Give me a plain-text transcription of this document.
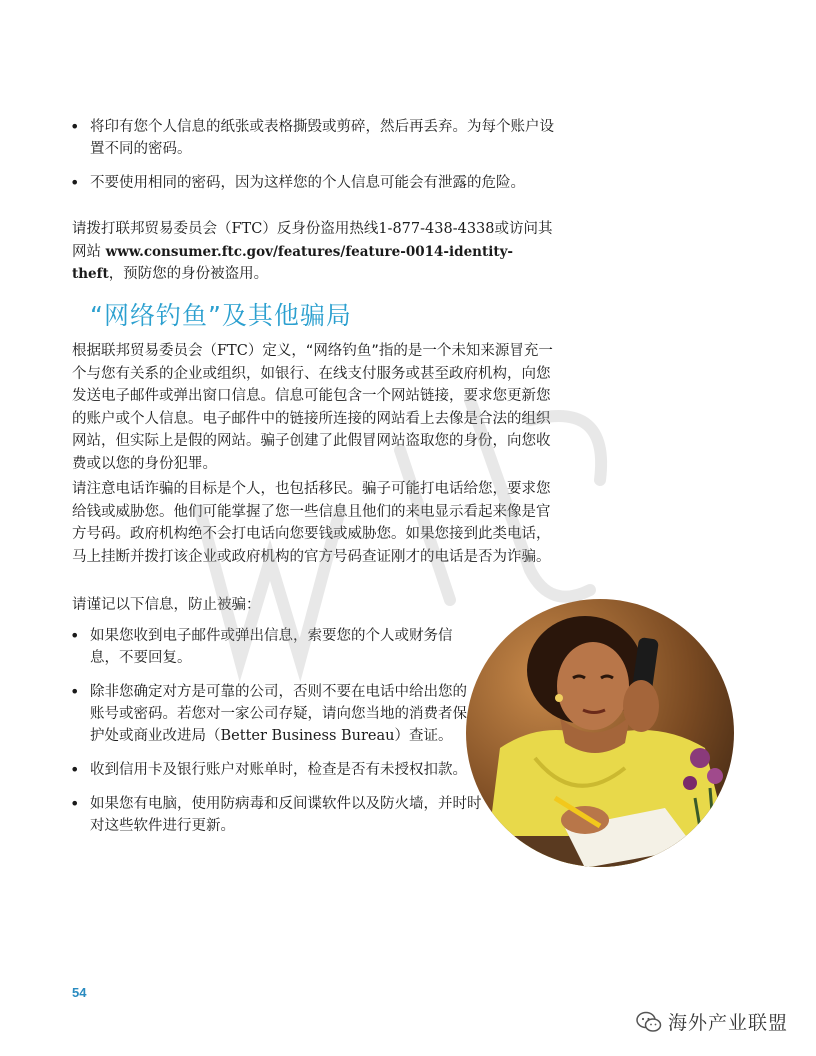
• 将印有您个人信息的纸张或表格撕毁或剪碎，然后再丢弃。为每个账户设置不同的密码。
• 不要使用相同的密码，因为这样您的个人信息可能会有泄露的危险。

请拨打联邦贸易委员会（FTC）反身份盗用热线1-877-438-4338或访问其网站 www.consumer.ftc.gov/features/feature-0014-identity-theft，预防您的身份被盗用。

“网络钓鱼”及其他骗局

根据联邦贸易委员会（FTC）定义，“网络钓鱼”指的是一个未知来源冒充一个与您有关系的企业或组织，如银行、在线支付服务或甚至政府机构，向您发送电子邮件或弹出窗口信息。信息可能包含一个网站链接，要求您更新您的账户或个人信息。电子邮件中的链接所连接的网站看上去像是合法的组织网站，但实际上是假的网站。骗子创建了此假冒网站盗取您的身份，向您收费或以您的身份犯罪。

请注意电话诈骗的目标是个人，也包括移民。骗子可能打电话给您，要求您给钱或威胁您。他们可能掌握了您一些信息且他们的来电显示看起来像是官方号码。政府机构绝不会打电话向您要钱或威胁您。如果您接到此类电话，马上挂断并拨打该企业或政府机构的官方号码查证刚才的电话是否为诈骗。

请谨记以下信息，防止被骗：

• 如果您收到电子邮件或弹出信息，索要您的个人或财务信息，不要回复。
• 除非您确定对方是可靠的公司，否则不要在电话中给出您的账号或密码。若您对一家公司存疑，请向您当地的消费者保护处或商业改进局（Better Business Bureau）查证。
• 收到信用卡及银行账户对账单时，检查是否有未授权扣款。
• 如果您有电脑，使用防病毒和反间谍软件以及防火墙，并时时对这些软件进行更新。
54
海外产业联盟
